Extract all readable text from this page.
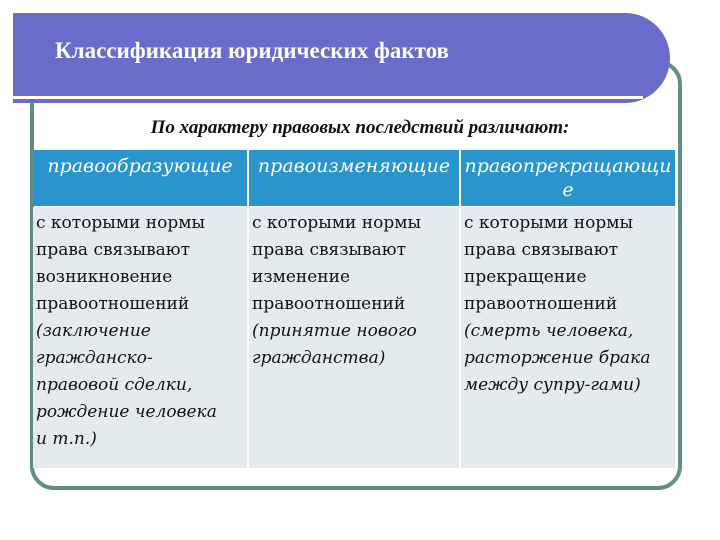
Классификация юридических фактов
По характеру правовых последствий различают:
правообразующие	правоизменяющие правопрекращающие
с которыми нормы
права связывают
возникновение
правоотношений
(заключение
гражданско-
правовой сделки,
рождение человека
и т.п.)
с которыми нормы
права связывают
изменение
правоотношений
(принятие нового
гражданства)
с которыми нормы
права связывают
прекращение
правоотношений
(смерть человека,
расторжение брака
между супру-гами)
